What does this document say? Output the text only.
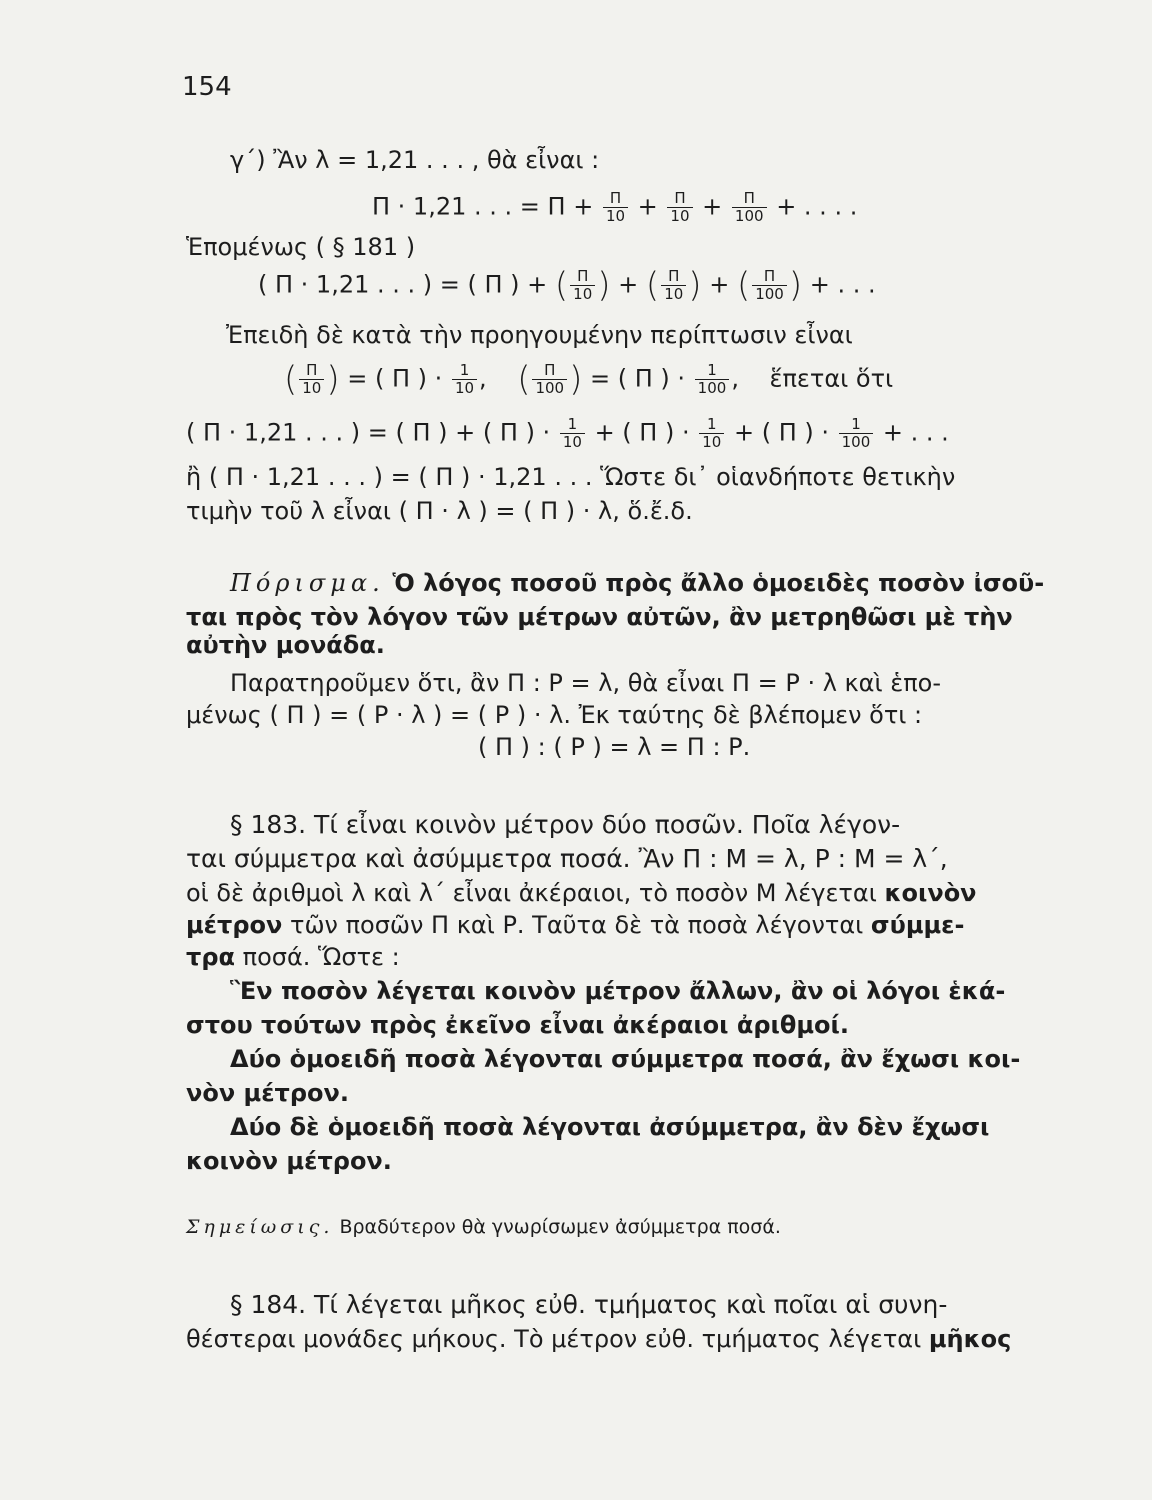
154
γ΄) Ἂν λ = 1,21 . . . , θὰ εἶναι :
Π · 1,21 . . . = $\Pi + \frac{\Pi}{10} + \frac{\Pi}{10} + \frac{\Pi}{100}$ + . . . .
Ἑπομένως ( § 181 )
( Π · 1,21 . . . ) = ( Π ) + ( $\frac{\Pi}{10}$ ) + ( $\frac{\Pi}{10}$ ) + ( $\frac{\Pi}{100}$ ) + . . .
Ἐπειδὴ δὲ κατὰ τὴν προηγουμένην περίπτωσιν εἶναι
( $\frac{\Pi}{10}$ ) = ( Π ) · $\frac{1}{10}$ , ( $\frac{\Pi}{100}$ ) = ( Π ) · $\frac{1}{100}$ , ἕπεται ὅτι
( Π · 1,21 . . . ) = ( Π ) + ( Π ) · $\frac{1}{10}$ + ( Π ) · $\frac{1}{10}$ + ( Π ) · $\frac{1}{100}$ + . . .
ἢ ( Π · 1,21 . . . ) = ( Π ) · 1,21 . . . Ὥστε δι᾽ οἱανδήποτε θετικὴν
τιμὴν τοῦ λ εἶναι ( Π · λ ) = ( Π ) · λ, ὅ.ἔ.δ.
Πόρισμα. Ὁ λόγος ποσοῦ πρὸς ἄλλο ὁμοειδὲς ποσὸν ἰσοῦ-
ται πρὸς τὸν λόγον τῶν μέτρων αὐτῶν, ἂν μετρηθῶσι μὲ τὴν
αὐτὴν μονάδα.
Παρατηροῦμεν ὅτι, ἂν Π : Ρ = λ, θὰ εἶναι Π = Ρ · λ καὶ ἑπο-
μένως ( Π ) = ( Ρ · λ ) = ( Ρ ) · λ. Ἐκ ταύτης δὲ βλέπομεν ὅτι :
( Π ) : ( Ρ ) = λ = Π : Ρ.
§ 183. Τί εἶναι κοινὸν μέτρον δύο ποσῶν. Ποῖα λέγον-
ται σύμμετρα καὶ ἀσύμμετρα ποσά. Ἂν Π : Μ = λ, Ρ : Μ = λ΄,
οἱ δὲ ἀριθμοὶ λ καὶ λ΄ εἶναι ἀκέραιοι, τὸ ποσὸν Μ λέγεται κοινὸν
μέτρον τῶν ποσῶν Π καὶ Ρ. Ταῦτα δὲ τὰ ποσὰ λέγονται σύμμε-
τρα ποσά. Ὥστε :
Ἓν ποσὸν λέγεται κοινὸν μέτρον ἄλλων, ἂν οἱ λόγοι ἑκά-
στου τούτων πρὸς ἐκεῖνο εἶναι ἀκέραιοι ἀριθμοί.
Δύο ὁμοειδῆ ποσὰ λέγονται σύμμετρα ποσά, ἂν ἔχωσι κοι-
νὸν μέτρον.
Δύο δὲ ὁμοειδῆ ποσὰ λέγονται ἀσύμμετρα, ἂν δὲν ἔχωσι
κοινὸν μέτρον.
Σημείωσις. Βραδύτερον θὰ γνωρίσωμεν ἀσύμμετρα ποσά.
§ 184. Τί λέγεται μῆκος εὐθ. τμήματος καὶ ποῖαι αἱ συνη-
θέστεραι μονάδες μήκους. Τὸ μέτρον εὐθ. τμήματος λέγεται μῆκος
